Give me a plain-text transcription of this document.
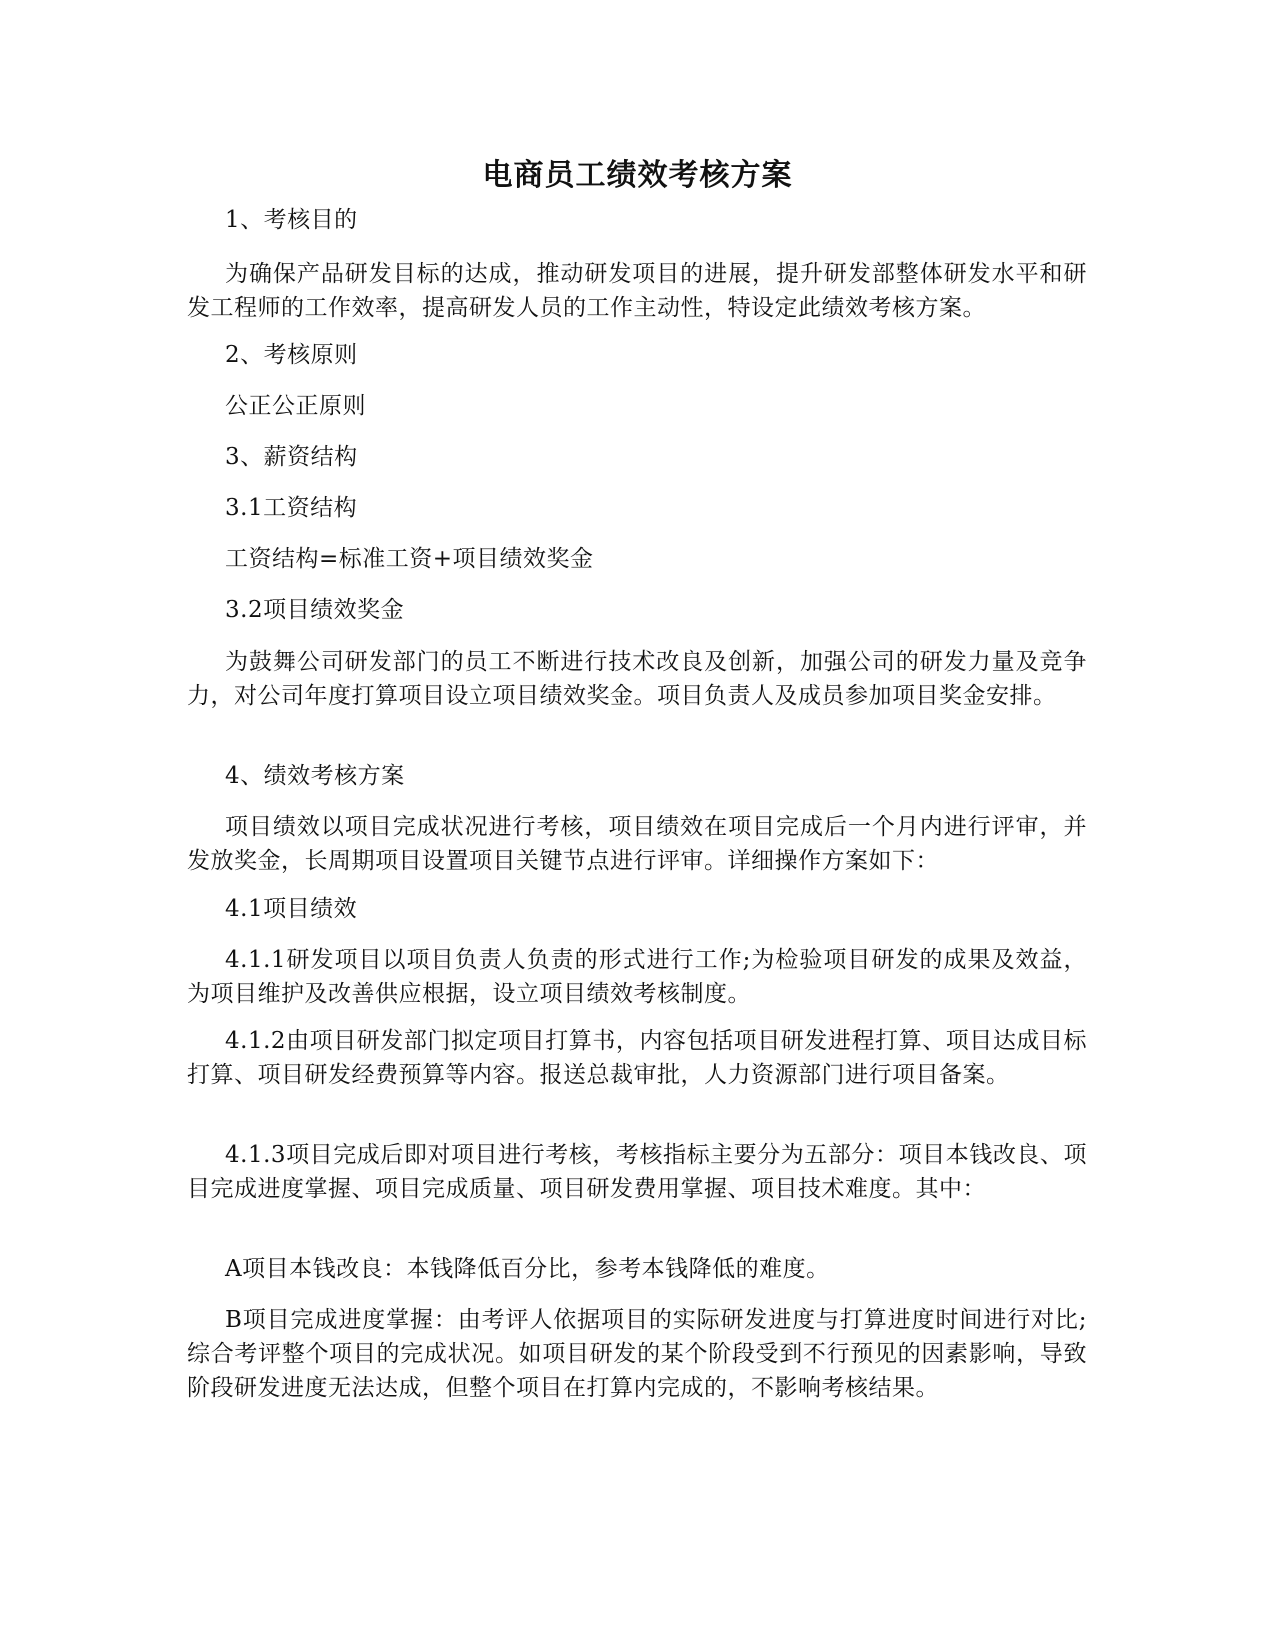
电商员工绩效考核方案

1、考核目的

为确保产品研发目标的达成，推动研发项目的进展，提升研发部整体研发水平和研发工程师的工作效率，提高研发人员的工作主动性，特设定此绩效考核方案。

2、考核原则

公正公正原则

3、薪资结构

3.1工资结构

工资结构=标准工资+项目绩效奖金

3.2项目绩效奖金

为鼓舞公司研发部门的员工不断进行技术改良及创新，加强公司的研发力量及竞争力，对公司年度打算项目设立项目绩效奖金。项目负责人及成员参加项目奖金安排。

4、绩效考核方案

项目绩效以项目完成状况进行考核，项目绩效在项目完成后一个月内进行评审，并发放奖金，长周期项目设置项目关键节点进行评审。详细操作方案如下：

4.1项目绩效

4.1.1研发项目以项目负责人负责的形式进行工作;为检验项目研发的成果及效益，为项目维护及改善供应根据，设立项目绩效考核制度。

4.1.2由项目研发部门拟定项目打算书，内容包括项目研发进程打算、项目达成目标打算、项目研发经费预算等内容。报送总裁审批，人力资源部门进行项目备案。

4.1.3项目完成后即对项目进行考核，考核指标主要分为五部分：项目本钱改良、项目完成进度掌握、项目完成质量、项目研发费用掌握、项目技术难度。其中：

A项目本钱改良：本钱降低百分比，参考本钱降低的难度。

B项目完成进度掌握：由考评人依据项目的实际研发进度与打算进度时间进行对比;综合考评整个项目的完成状况。如项目研发的某个阶段受到不行预见的因素影响，导致阶段研发进度无法达成，但整个项目在打算内完成的，不影响考核结果。
